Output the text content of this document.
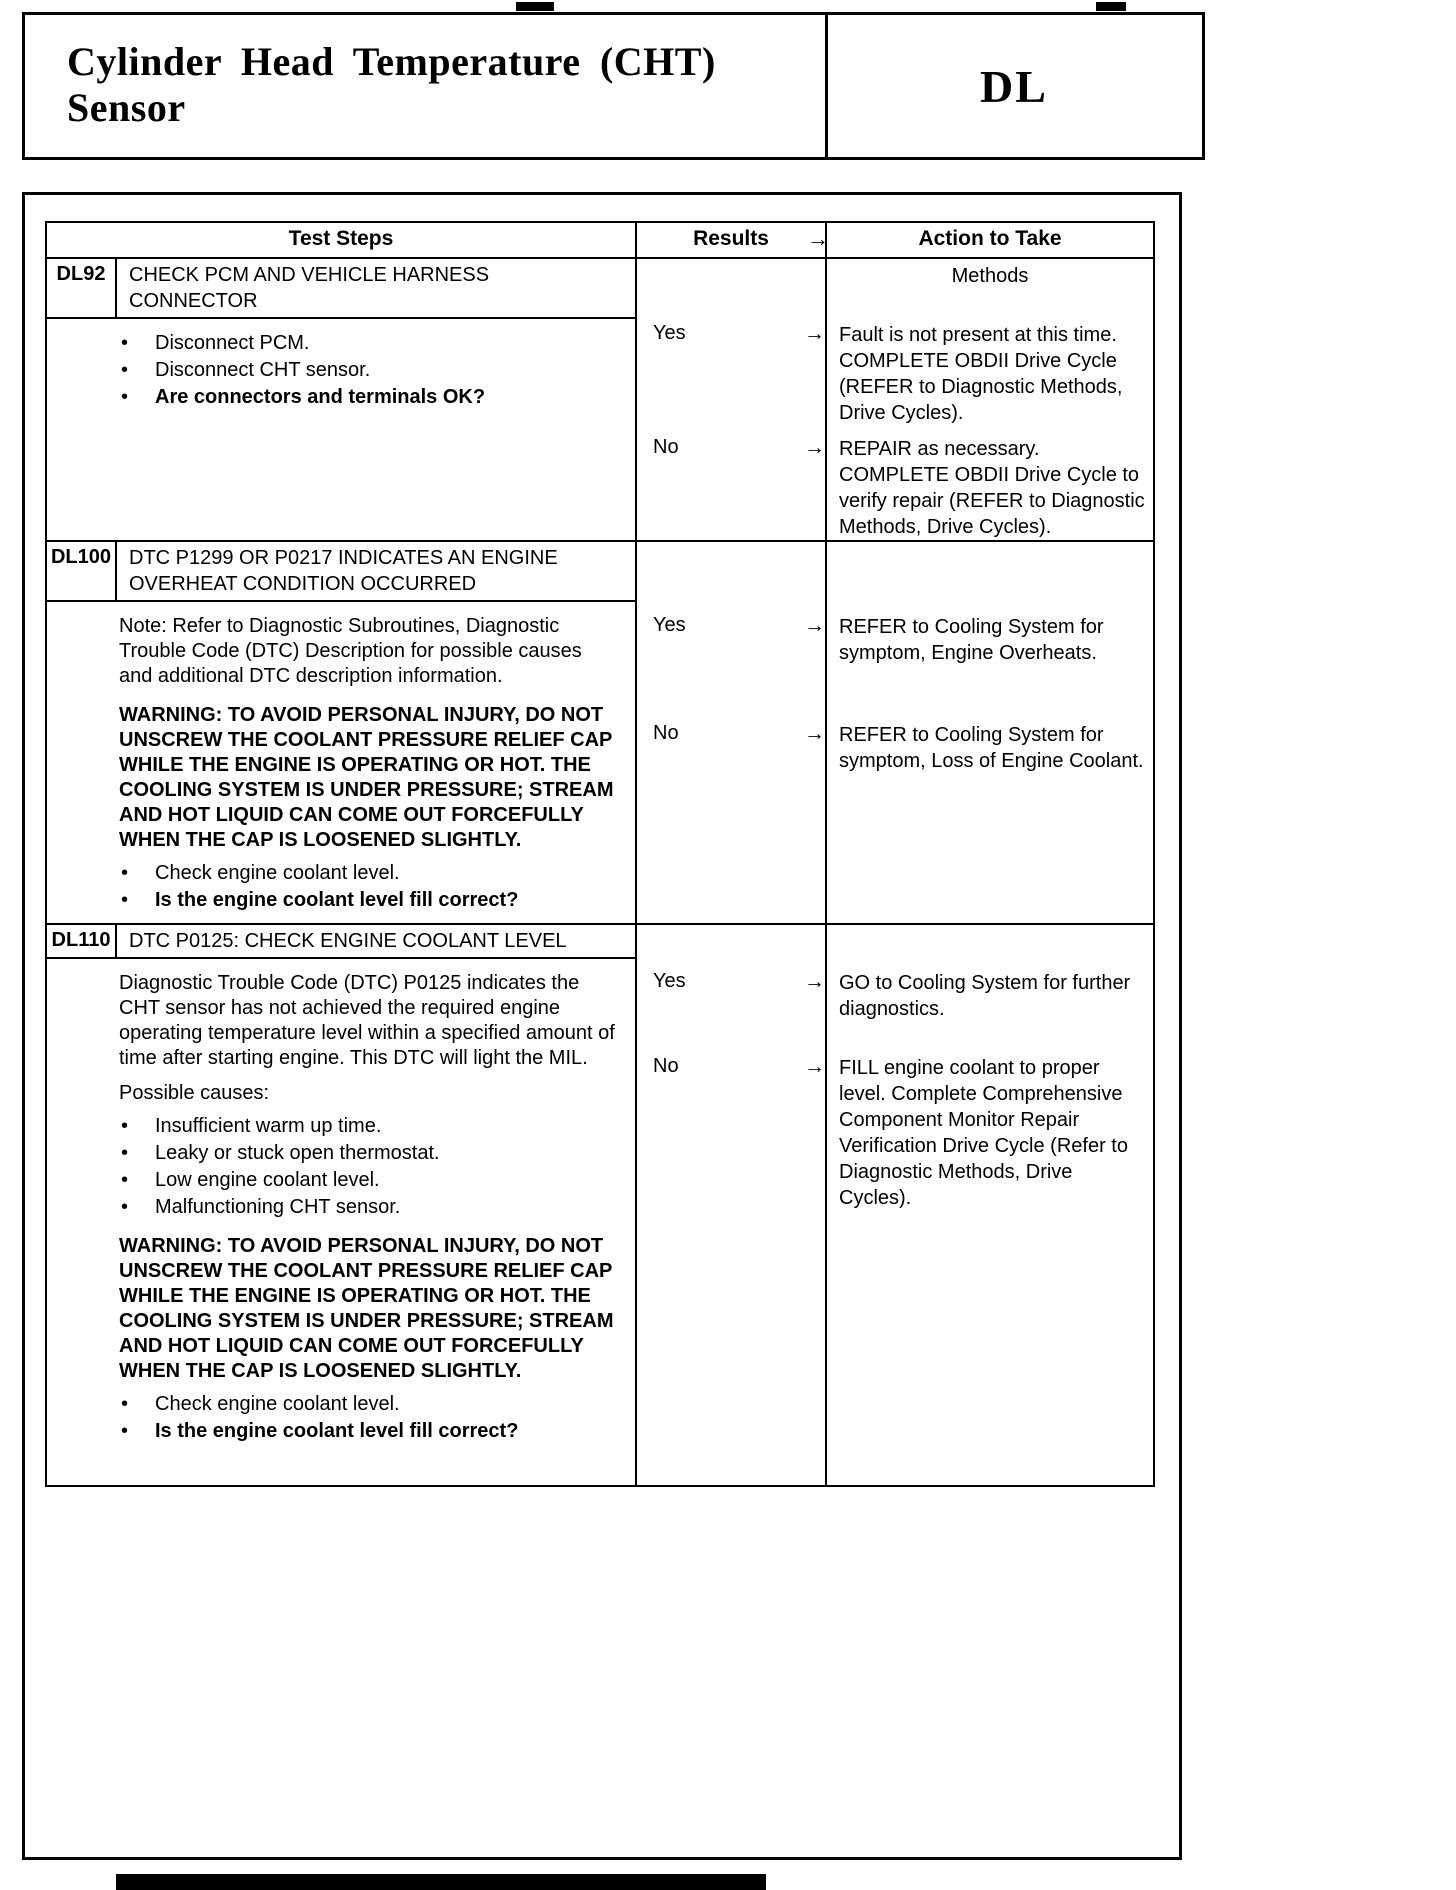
Cylinder Head Temperature (CHT) Sensor	DL
Test Steps	Results →	Action to Take
DL92	CHECK PCM AND VEHICLE HARNESS CONNECTOR
•	Disconnect PCM.
•	Disconnect CHT sensor.
•	Are connectors and terminals OK?
Methods
Yes	→ Fault is not present at this time. COMPLETE OBDII Drive Cycle (REFER to Diagnostic Methods, Drive Cycles).
No	→ REPAIR as necessary. COMPLETE OBDII Drive Cycle to verify repair (REFER to Diagnostic Methods, Drive Cycles).
DL100 DTC P1299 OR P0217 INDICATES AN ENGINE OVERHEAT CONDITION OCCURRED
Note: Refer to Diagnostic Subroutines, Diagnostic Trouble Code (DTC) Description for possible causes and additional DTC description information.
WARNING: TO AVOID PERSONAL INJURY, DO NOT UNSCREW THE COOLANT PRESSURE RELIEF CAP WHILE THE ENGINE IS OPERATING OR HOT. THE COOLING SYSTEM IS UNDER PRESSURE; STREAM AND HOT LIQUID CAN COME OUT FORCEFULLY WHEN THE CAP IS LOOSENED SLIGHTLY.
•	Check engine coolant level.
•	Is the engine coolant level fill correct?
Yes	→ REFER to Cooling System for symptom, Engine Overheats.
No	→ REFER to Cooling System for symptom, Loss of Engine Coolant.
DL110 DTC P0125: CHECK ENGINE COOLANT LEVEL
Diagnostic Trouble Code (DTC) P0125 indicates the CHT sensor has not achieved the required engine operating temperature level within a specified amount of time after starting engine. This DTC will light the MIL.
Possible causes:
•	Insufficient warm up time.
•	Leaky or stuck open thermostat.
•	Low engine coolant level.
•	Malfunctioning CHT sensor.
WARNING: TO AVOID PERSONAL INJURY, DO NOT UNSCREW THE COOLANT PRESSURE RELIEF CAP WHILE THE ENGINE IS OPERATING OR HOT. THE COOLING SYSTEM IS UNDER PRESSURE; STREAM AND HOT LIQUID CAN COME OUT FORCEFULLY WHEN THE CAP IS LOOSENED SLIGHTLY.
•	Check engine coolant level.
•	Is the engine coolant level fill correct?
Yes	→ GO to Cooling System for further diagnostics.
No	→ FILL engine coolant to proper level. Complete Comprehensive Component Monitor Repair Verification Drive Cycle (Refer to Diagnostic Methods, Drive Cycles).
